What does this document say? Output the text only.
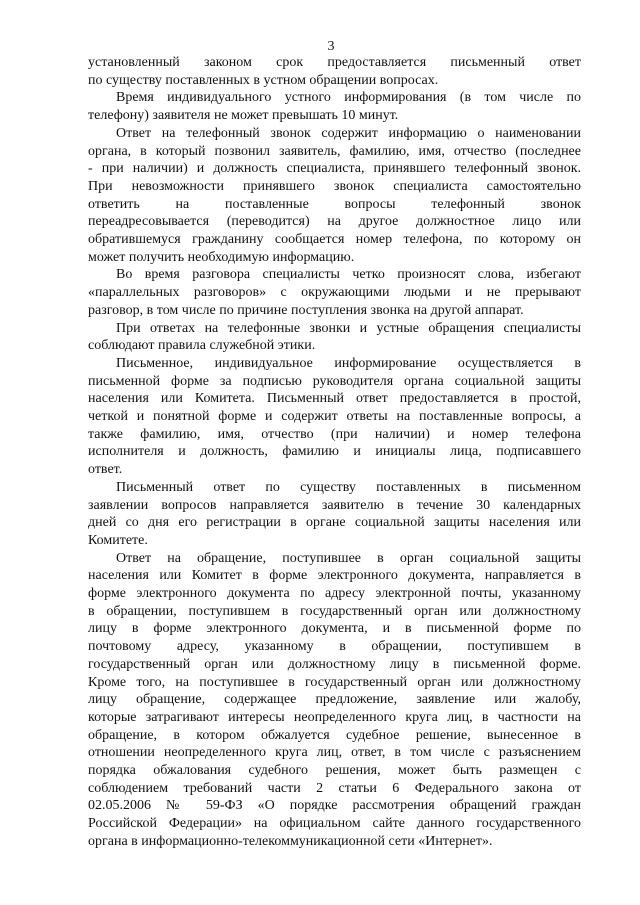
3
установленный законом срок предоставляется письменный ответ
по существу поставленных в устном обращении вопросах.
Время индивидуального устного информирования (в том числе по
телефону) заявителя не может превышать 10 минут.
Ответ на телефонный звонок содержит информацию о наименовании
органа, в который позвонил заявитель, фамилию, имя, отчество (последнее
- при наличии) и должность специалиста, принявшего телефонный звонок.
При невозможности принявшего звонок специалиста самостоятельно
ответить на поставленные вопросы телефонный звонок
переадресовывается (переводится) на другое должностное лицо или
обратившемуся гражданину сообщается номер телефона, по которому он
может получить необходимую информацию.
Во время разговора специалисты четко произносят слова, избегают
«параллельных разговоров» с окружающими людьми и не прерывают
разговор, в том числе по причине поступления звонка на другой аппарат.
При ответах на телефонные звонки и устные обращения специалисты
соблюдают правила служебной этики.
Письменное, индивидуальное информирование осуществляется в
письменной форме за подписью руководителя органа социальной защиты
населения или Комитета. Письменный ответ предоставляется в простой,
четкой и понятной форме и содержит ответы на поставленные вопросы, а
также фамилию, имя, отчество (при наличии) и номер телефона
исполнителя и должность, фамилию и инициалы лица, подписавшего
ответ.
Письменный ответ по существу поставленных в письменном
заявлении вопросов направляется заявителю в течение 30 календарных
дней со дня его регистрации в органе социальной защиты населения или
Комитете.
Ответ на обращение, поступившее в орган социальной защиты
населения или Комитет в форме электронного документа, направляется в
форме электронного документа по адресу электронной почты, указанному
в обращении, поступившем в государственный орган или должностному
лицу в форме электронного документа, и в письменной форме по
почтовому адресу, указанному в обращении, поступившем в
государственный орган или должностному лицу в письменной форме.
Кроме того, на поступившее в государственный орган или должностному
лицу обращение, содержащее предложение, заявление или жалобу,
которые затрагивают интересы неопределенного круга лиц, в частности на
обращение, в котором обжалуется судебное решение, вынесенное в
отношении неопределенного круга лиц, ответ, в том числе с разъяснением
порядка обжалования судебного решения, может быть размещен с
соблюдением требований части 2 статьи 6 Федерального закона от
02.05.2006 № 59-ФЗ «О порядке рассмотрения обращений граждан
Российской Федерации» на официальном сайте данного государственного
органа в информационно-телекоммуникационной сети «Интернет».
